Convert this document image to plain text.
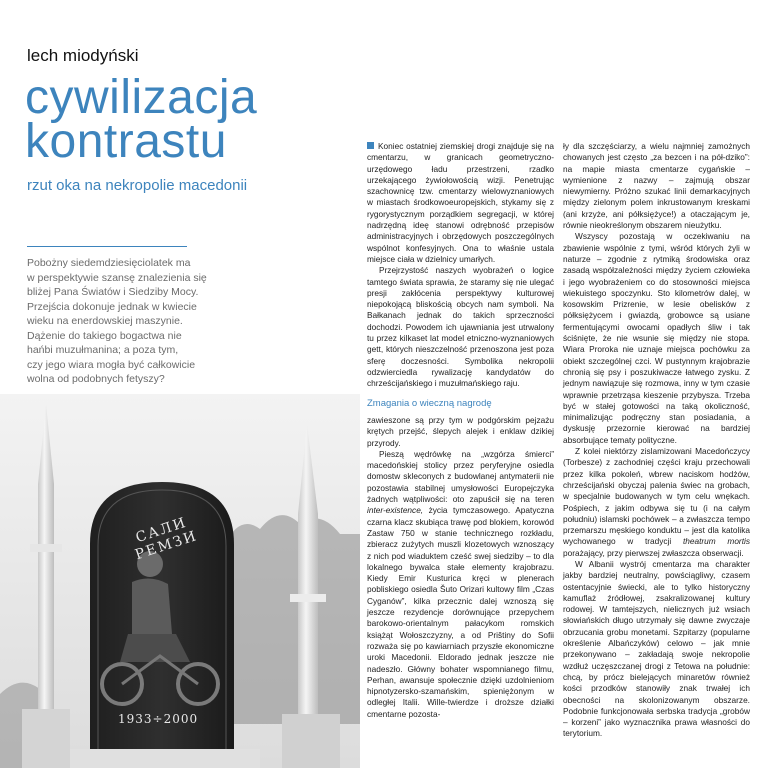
lech miodyński
cywilizacja
kontrastu
rzut oka na nekropolie macedonii
Pobożny siedemdziesięciolatek ma
w perspektywie szansę znalezienia się
bliżej Pana Światów i Siedziby Mocy.
Przejścia dokonuje jednak w kwiecie
wieku na enerdowskiej maszynie.
Dążenie do takiego bogactwa nie
hańbi muzułmanina; a poza tym,
czy jego wiara mogła być całkowicie
wolna od podobnych fetyszy?
САЛИ РЕМЗИ
1933÷2000

Koniec ostatniej ziemskiej drogi znajduje się na cmentarzu, w granicach geometryczno-urzędowego ładu przestrzeni, rzadko urzekającego żywiołowością wizji. Penetrując szachownicę tzw. cmentarzy wielowyznaniowych w miastach środkowoeuropejskich, stykamy się z rygorystycznym porządkiem segregacji, w której nadrzędną ideę stanowi odrębność przepisów administracyjnych i obrzędowych poszczególnych wspólnot konfesyjnych. Ona to właśnie ustala miejsce ciała w dzielnicy umarłych.

Przejrzystość naszych wyobrażeń o logice tamtego świata sprawia, że staramy się nie ulegać presji zakłócenia perspektywy kulturowej niepokojącą bliskością obcych nam symboli. Na Bałkanach jednak do takich sprzeczności dochodzi. Powodem ich ujawniania jest utrwalony tu przez kilkaset lat model etniczno-wyznaniowych gett, których nieszczelność przenoszona jest poza sferę doczesności. Symbolika nekropolii odzwierciedla rywalizację kandydatów do chrześcijańskiego i muzułmańskiego raju.

Zmagania o wieczną nagrodę

zawieszone są przy tym w podgórskim pejzażu krętych przejść, ślepych alejek i enklaw dzikiej przyrody.

Pieszą wędrówkę na „wzgórza śmierci” macedońskiej stolicy przez peryferyjne osiedla domostw skleconych z budowlanej antymaterii nie pozostawia stabilnej umysłowości Europejczyka żadnych wątpliwości: oto zapuścił się na teren inter-existence, życia tymczasowego. Apatyczna czarna klacz skubiąca trawę pod blokiem, korowód Zastaw 750 w stanie technicznego rozkładu, zbieracz zużytych muszli klozetowych wznoszący z nich pod wiaduktem cześć swej siedziby – to dla lokalnego bywalca stałe elementy krajobrazu. Kiedy Emir Kusturica kręci w plenerach pobliskiego osiedla Šuto Orizari kultowy film „Czas Cyganów”, kilka przecznic dalej wznoszą się jeszcze rezydencje dorównujące przepychem barokowo-orientalnym pałacykom romskich książąt Wołoszczyzny, a od Prištiny do Sofii rozważa się po kawiarniach przyszłe ekonomiczne uroki Macedonii. Eldorado jednak jeszcze nie nadeszło. Główny bohater wspomnianego filmu, Perhan, awansuje społecznie dzięki uzdolnieniom hipnotyzersko-szamańskim, spieniężonym w odległej Italii. Wille-twierdze i droższe działki cmentarne pozosta-

ły dla szczęściarzy, a wielu najmniej zamożnych chowanych jest często „za bezcen i na pół-dziko”: na mapie miasta cmentarze cygańskie – wymienione z nazwy – zajmują obszar niewymierny. Próżno szukać linii demarkacyjnych między zielonym polem inkrustowanym kreskami (ani krzyże, ani półksiężyce!) a otaczającym je, równie nieokreślonym obszarem nieużytku.

Wszyscy pozostają w oczekiwaniu na zbawienie wspólnie z tymi, wśród których żyli w naturze – zgodnie z rytmiką środowiska oraz zasadą współzależności między życiem człowieka i jego wyobrażeniem co do stosowności miejsca wiekuistego spoczynku. Sto kilometrów dalej, w kosowskim Prizrenie, w lesie obelisków z półksiężycem i gwiazdą, grobowce są usiane fermentującymi owocami opadłych śliw i tak ściśnięte, że nie wsunie się między nie stopa. Wiara Proroka nie uznaje miejsca pochówku za obiekt szczególnej czci. W pustynnym krajobrazie chronią się psy i poszukiwacze łatwego zysku. Z jednym nawiązuje się rozmowa, inny w tym czasie wprawnie przetrząsa kieszenie przybysza. Trzeba być w stałej gotowości na taką okoliczność, minimalizując podręczny stan posiadania, a dyskusję przezornie kierować na bardziej absorbujące tematy polityczne.

Z kolei niektórzy zislamizowani Macedończycy (Torbesze) z zachodniej części kraju przechowali przez kilka pokoleń, wbrew naciskom hodżów, chrześcijański obyczaj palenia świec na grobach, w specjalnie budowanych w tym celu wnękach. Pośpiech, z jakim odbywa się tu (i na całym południu) islamski pochówek – a zwłaszcza tempo przemarszu męskiego konduktu – jest dla katolika wychowanego w tradycji theatrum mortis porażający, przy pierwszej zwłaszcza obserwacji.

W Albanii wystrój cmentarza ma charakter jakby bardziej neutralny, powściągliwy, czasem ostentacyjnie świecki, ale to tylko historyczny kamuflaż źródłowej, zsakralizowanej kultury rodowej. W tamtejszych, nielicznych już wsiach słowiańskich długo utrzymały się dawne zwyczaje obrzucania grobu monetami. Szpitarzy (popularne określenie Albańczyków) celowo – jak mnie przekonywano – zakładają swoje nekropolie wzdłuż uczęszczanej drogi z Tetowa na południe: chcą, by prócz bielejących minaretów również kości przodków stanowiły znak trwałej ich obecności na skolonizowanym obszarze. Podobnie funkcjonowała serbska tradycja „grobów – korzeni” jako wyznacznika prawa własności do terytorium.
